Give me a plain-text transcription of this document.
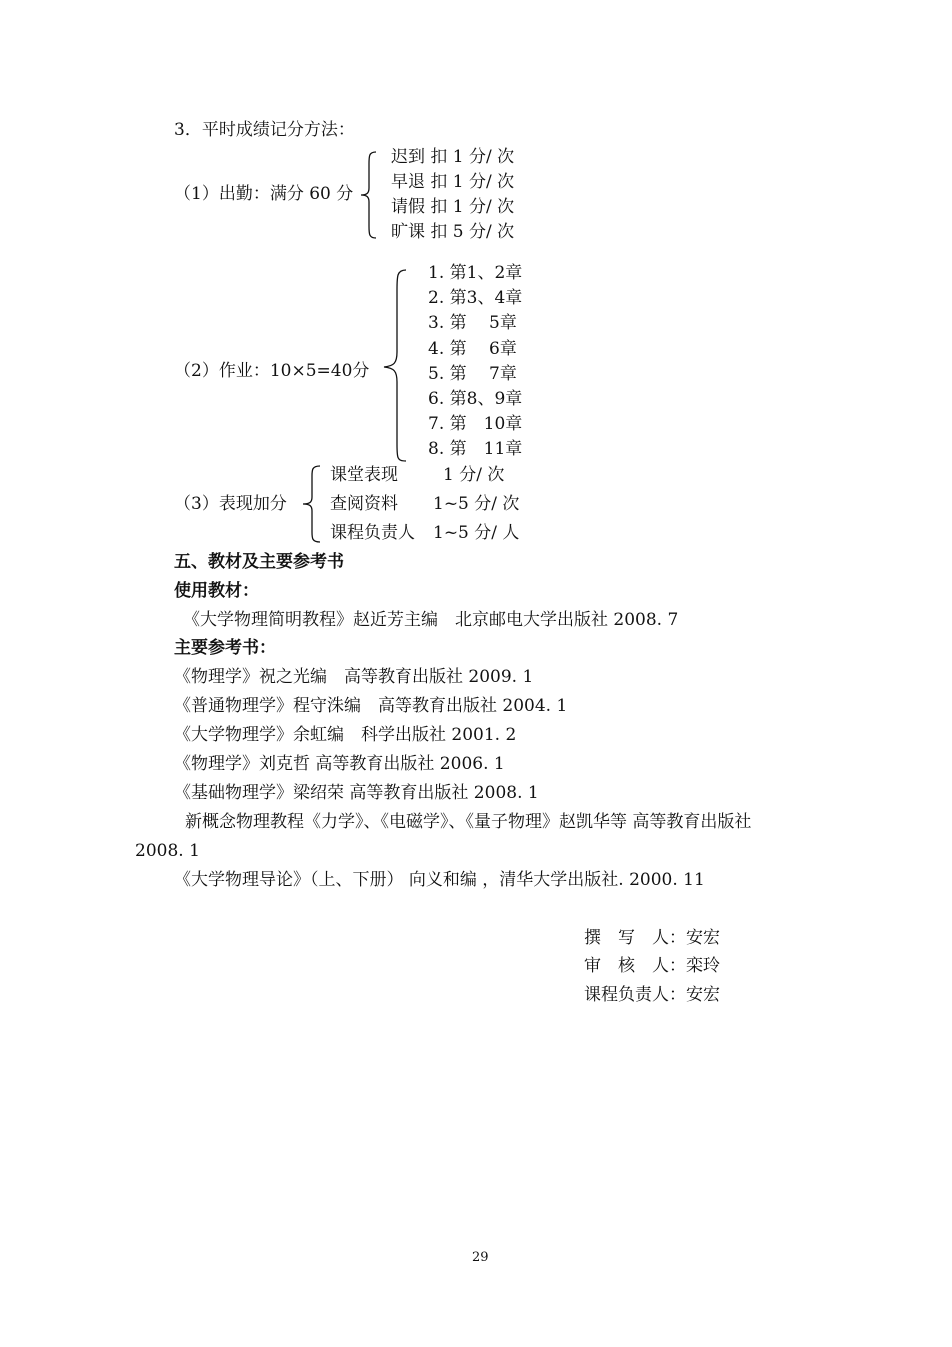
3．平时成绩记分方法：
（1）出勤：满分 60 分
迟到 扣 1 分/ 次
早退 扣 1 分/ 次
请假 扣 1 分/ 次
旷课 扣 5 分/ 次
（2）作业：10×5=40分
1. 第1、2章
2. 第3、4章
3. 第　 5章
4. 第　 6章
5. 第　 7章
6. 第8、9章
7. 第　10章
8. 第　11章
（3）表现加分
课堂表现	1 分/ 次
查阅资料 1~5 分/ 次
课程负责人 1~5 分/ 人
五、教材及主要参考书
使用教材：
《大学物理简明教程》赵近芳主编　北京邮电大学出版社 2008. 7
主要参考书：
《物理学》祝之光编　高等教育出版社 2009. 1
《普通物理学》程守洙编　高等教育出版社 2004. 1
《大学物理学》余虹编　科学出版社 2001. 2
《物理学》刘克哲 高等教育出版社 2006. 1
《基础物理学》梁绍荣 高等教育出版社 2008. 1
新概念物理教程《力学》、《电磁学》、《量子物理》赵凯华等 高等教育出版社
2008. 1
《大学物理导论》（上、下册） 向义和编 ，清华大学出版社. 2000. 11
撰　写　人：安宏
审　核　人：栾玲
课程负责人：安宏
29
